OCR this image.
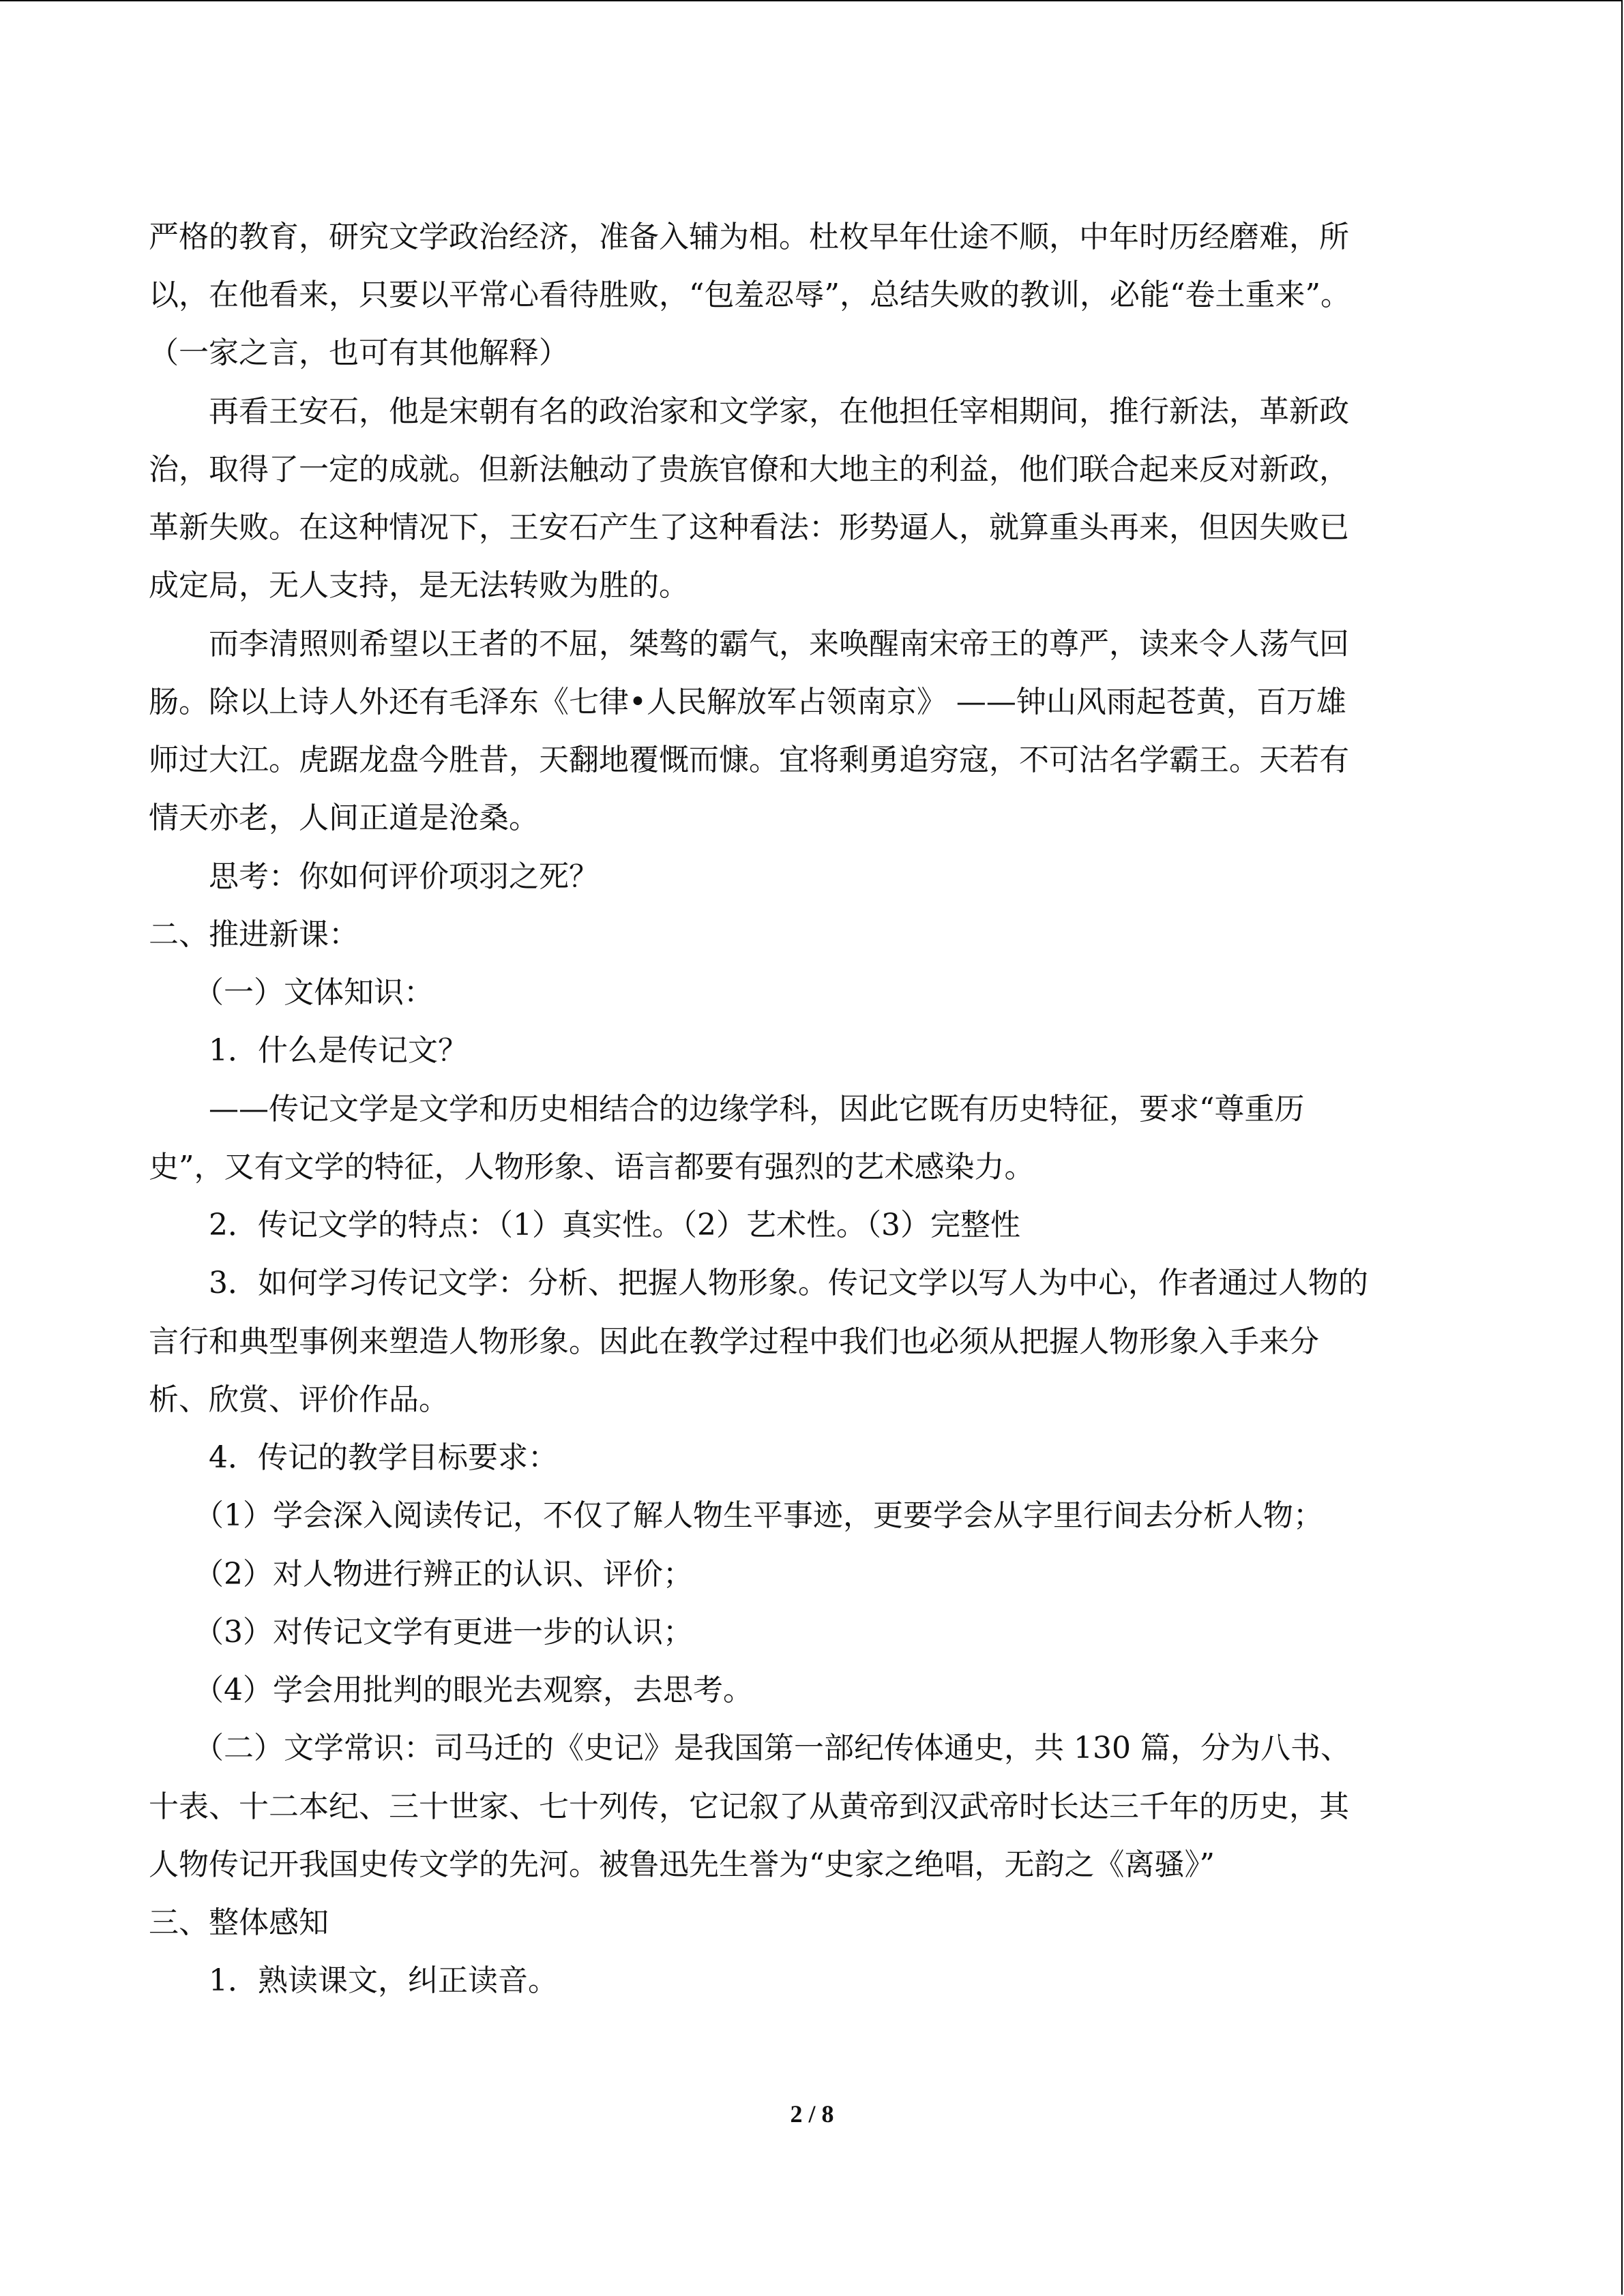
严格的教育，研究文学政治经济，准备入辅为相。杜枚早年仕途不顺，中年时历经磨难，所
以，在他看来，只要以平常心看待胜败，“包羞忍辱”，总结失败的教训，必能“卷土重来”。
（一家之言，也可有其他解释）
　　再看王安石，他是宋朝有名的政治家和文学家，在他担任宰相期间，推行新法，革新政
治，取得了一定的成就。但新法触动了贵族官僚和大地主的利益，他们联合起来反对新政，
革新失败。在这种情况下，王安石产生了这种看法：形势逼人，就算重头再来，但因失败已
成定局，无人支持，是无法转败为胜的。
　　而李清照则希望以王者的不屈，桀骜的霸气，来唤醒南宋帝王的尊严，读来令人荡气回
肠。除以上诗人外还有毛泽东《七律•人民解放军占领南京》 ——钟山风雨起苍黄，百万雄
师过大江。虎踞龙盘今胜昔，天翻地覆慨而慷。宜将剩勇追穷寇，不可沽名学霸王。天若有
情天亦老，人间正道是沧桑。
　　思考：你如何评价项羽之死？
二、推进新课：
　　（一）文体知识：
　　1．什么是传记文？
　　——传记文学是文学和历史相结合的边缘学科，因此它既有历史特征，要求“尊重历
史”，又有文学的特征，人物形象、语言都要有强烈的艺术感染力。
　　2．传记文学的特点：（1）真实性。（2）艺术性。（3）完整性
　　3．如何学习传记文学：分析、把握人物形象。传记文学以写人为中心，作者通过人物的
言行和典型事例来塑造人物形象。因此在教学过程中我们也必须从把握人物形象入手来分
析、欣赏、评价作品。
　　4．传记的教学目标要求：
　　（1）学会深入阅读传记，不仅了解人物生平事迹，更要学会从字里行间去分析人物；
　　（2）对人物进行辨正的认识、评价；
　　（3）对传记文学有更进一步的认识；
　　（4）学会用批判的眼光去观察，去思考。
　　（二）文学常识：司马迁的《史记》是我国第一部纪传体通史，共 130 篇，分为八书、
十表、十二本纪、三十世家、七十列传，它记叙了从黄帝到汉武帝时长达三千年的历史，其
人物传记开我国史传文学的先河。被鲁迅先生誉为“史家之绝唱，无韵之《离骚》”
三、整体感知
　　1．熟读课文，纠正读音。
2 / 8
